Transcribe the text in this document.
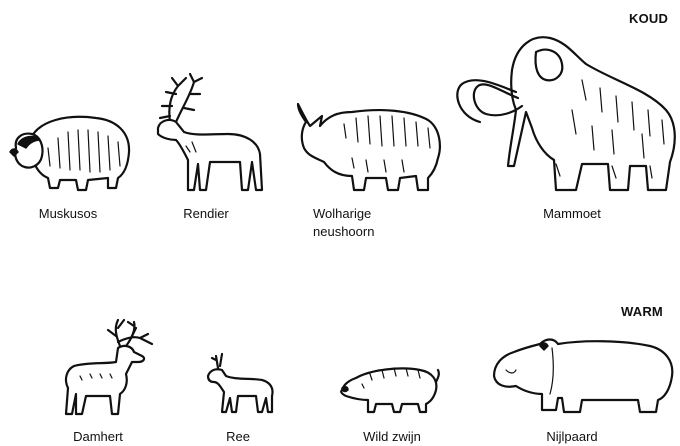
KOUD
WARM
Muskusos	Rendier	Wolharige
neushoorn
Mammoet
Damhert	Ree	Wild zwijn	Nijlpaard
